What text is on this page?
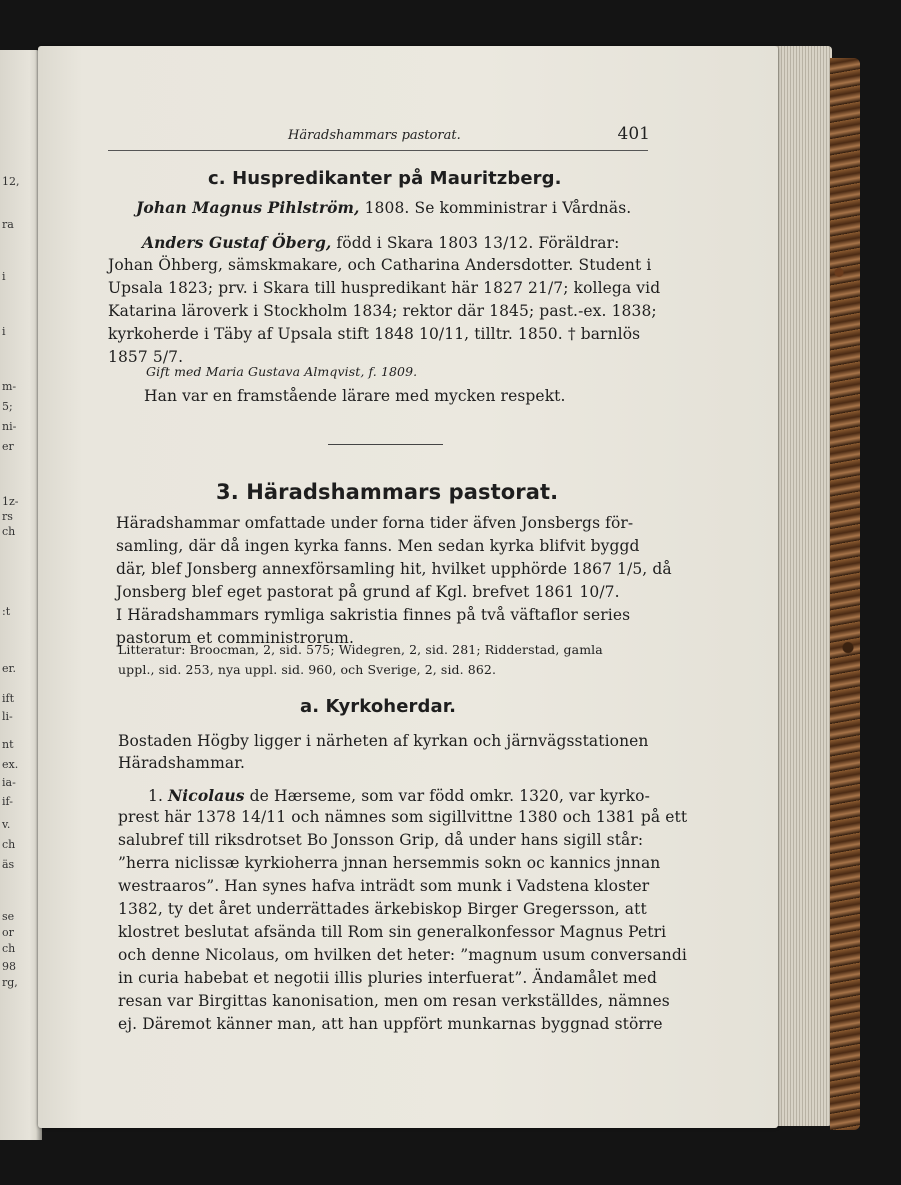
12,
ra
i
i
m-
5;
ni-
er
1z-
rs
ch
:t
er.
ift
li-
nt
ex.
ia-
if-
v.
ch
äs
se
or
ch
98
rg,
Häradshammars pastorat.	401
c. Huspredikanter på Mauritzberg.
Johan Magnus Pihlström, 1808. Se komministrar i Vårdnäs.
Anders Gustaf Öberg, född i Skara 1803 13/12. Föräldrar:
Johan Öhberg, sämskmakare, och Catharina Andersdotter. Student i
Upsala 1823; prv. i Skara till huspredikant här 1827 21/7; kollega vid
Katarina läroverk i Stockholm 1834; rektor där 1845; past.-ex. 1838;
kyrkoherde i Täby af Upsala stift 1848 10/11, tilltr. 1850. † barnlös
1857 5/7.
Gift med Maria Gustava Almqvist, f. 1809.
Han var en framstående lärare med mycken respekt.
3. Häradshammars pastorat.
Häradshammar omfattade under forna tider äfven Jonsbergs för-
samling, där då ingen kyrka fanns. Men sedan kyrka blifvit byggd
där, blef Jonsberg annexförsamling hit, hvilket upphörde 1867 1/5, då
Jonsberg blef eget pastorat på grund af Kgl. brefvet 1861 10/7.
I Häradshammars rymliga sakristia finnes på två väftaflor series
pastorum et comministrorum.
Litteratur: Broocman, 2, sid. 575; Widegren, 2, sid. 281; Ridderstad, gamla
uppl., sid. 253, nya uppl. sid. 960, och Sverige, 2, sid. 862.
a. Kyrkoherdar.
Bostaden Högby ligger i närheten af kyrkan och järnvägsstationen
Häradshammar.
1. Nicolaus de Hærseme, som var född omkr. 1320, var kyrko-
prest här 1378 14/11 och nämnes som sigillvittne 1380 och 1381 på ett
salubref till riksdrotset Bo Jonsson Grip, då under hans sigill står:
”herra niclissæ kyrkioherra jnnan hersemmis sokn oc kannics jnnan
westraaros”. Han synes hafva inträdt som munk i Vadstena kloster
1382, ty det året underrättades ärkebiskop Birger Gregersson, att
klostret beslutat afsända till Rom sin generalkonfessor Magnus Petri
och denne Nicolaus, om hvilken det heter: ”magnum usum conversandi
in curia habebat et negotii illis pluries interfuerat”. Ändamålet med
resan var Birgittas kanonisation, men om resan verkställdes, nämnes
ej. Däremot känner man, att han uppfört munkarnas byggnad större
